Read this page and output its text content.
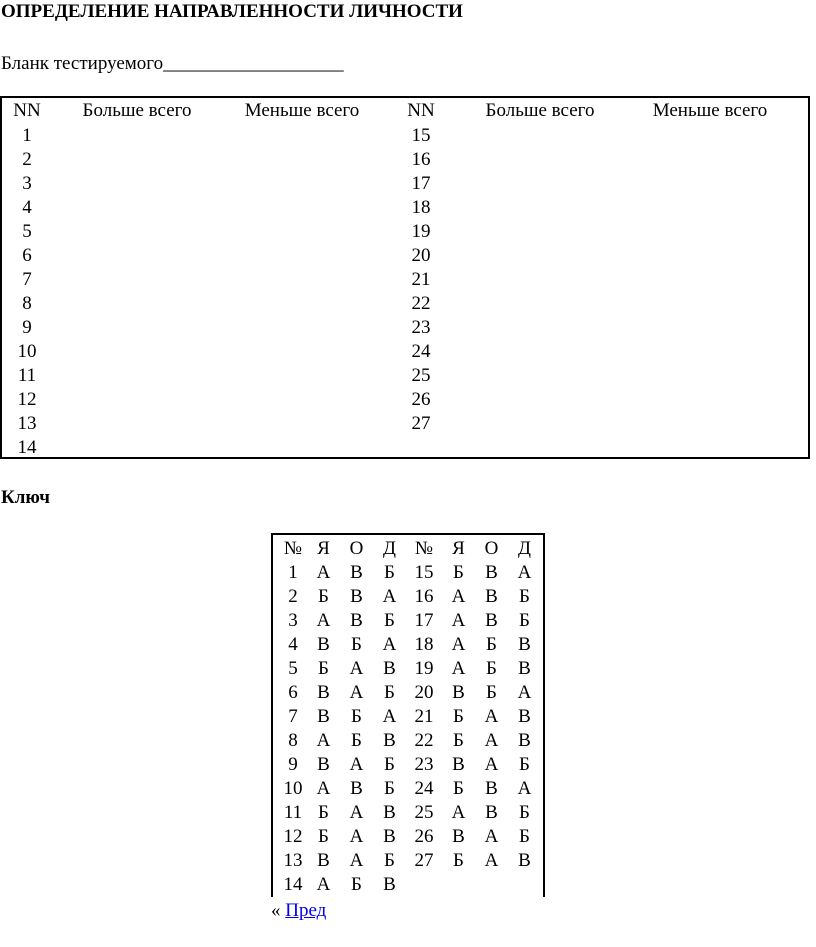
ОПРЕДЕЛЕНИЕ НАПРАВЛЕННОСТИ ЛИЧНОСТИ
Бланк тестируемого___________________
NN	Больше всего	Меньше всего	NN	Больше всего	Меньше всего
1			15		
2			16		
3			17		
4			18		
5			19		
6			20		
7			21		
8			22		
9			23		
10			24		
11			25		
12			26		
13			27		
14					
Ключ
№	Я	О	Д	№	Я	О	Д
1	А	В	Б	15	Б	В	А
2	Б	В	А	16	А	В	Б
3	А	В	Б	17	А	В	Б
4	В	Б	А	18	А	Б	В
5	Б	А	В	19	А	Б	В
6	В	А	Б	20	В	Б	А
7	В	Б	А	21	Б	А	В
8	А	Б	В	22	Б	А	В
9	В	А	Б	23	В	А	Б
10	А	В	Б	24	Б	В	А
11	Б	А	В	25	А	В	Б
12	Б	А	В	26	В	А	Б
13	В	А	Б	27	Б	А	В
14	А	Б	В				
« Пред
